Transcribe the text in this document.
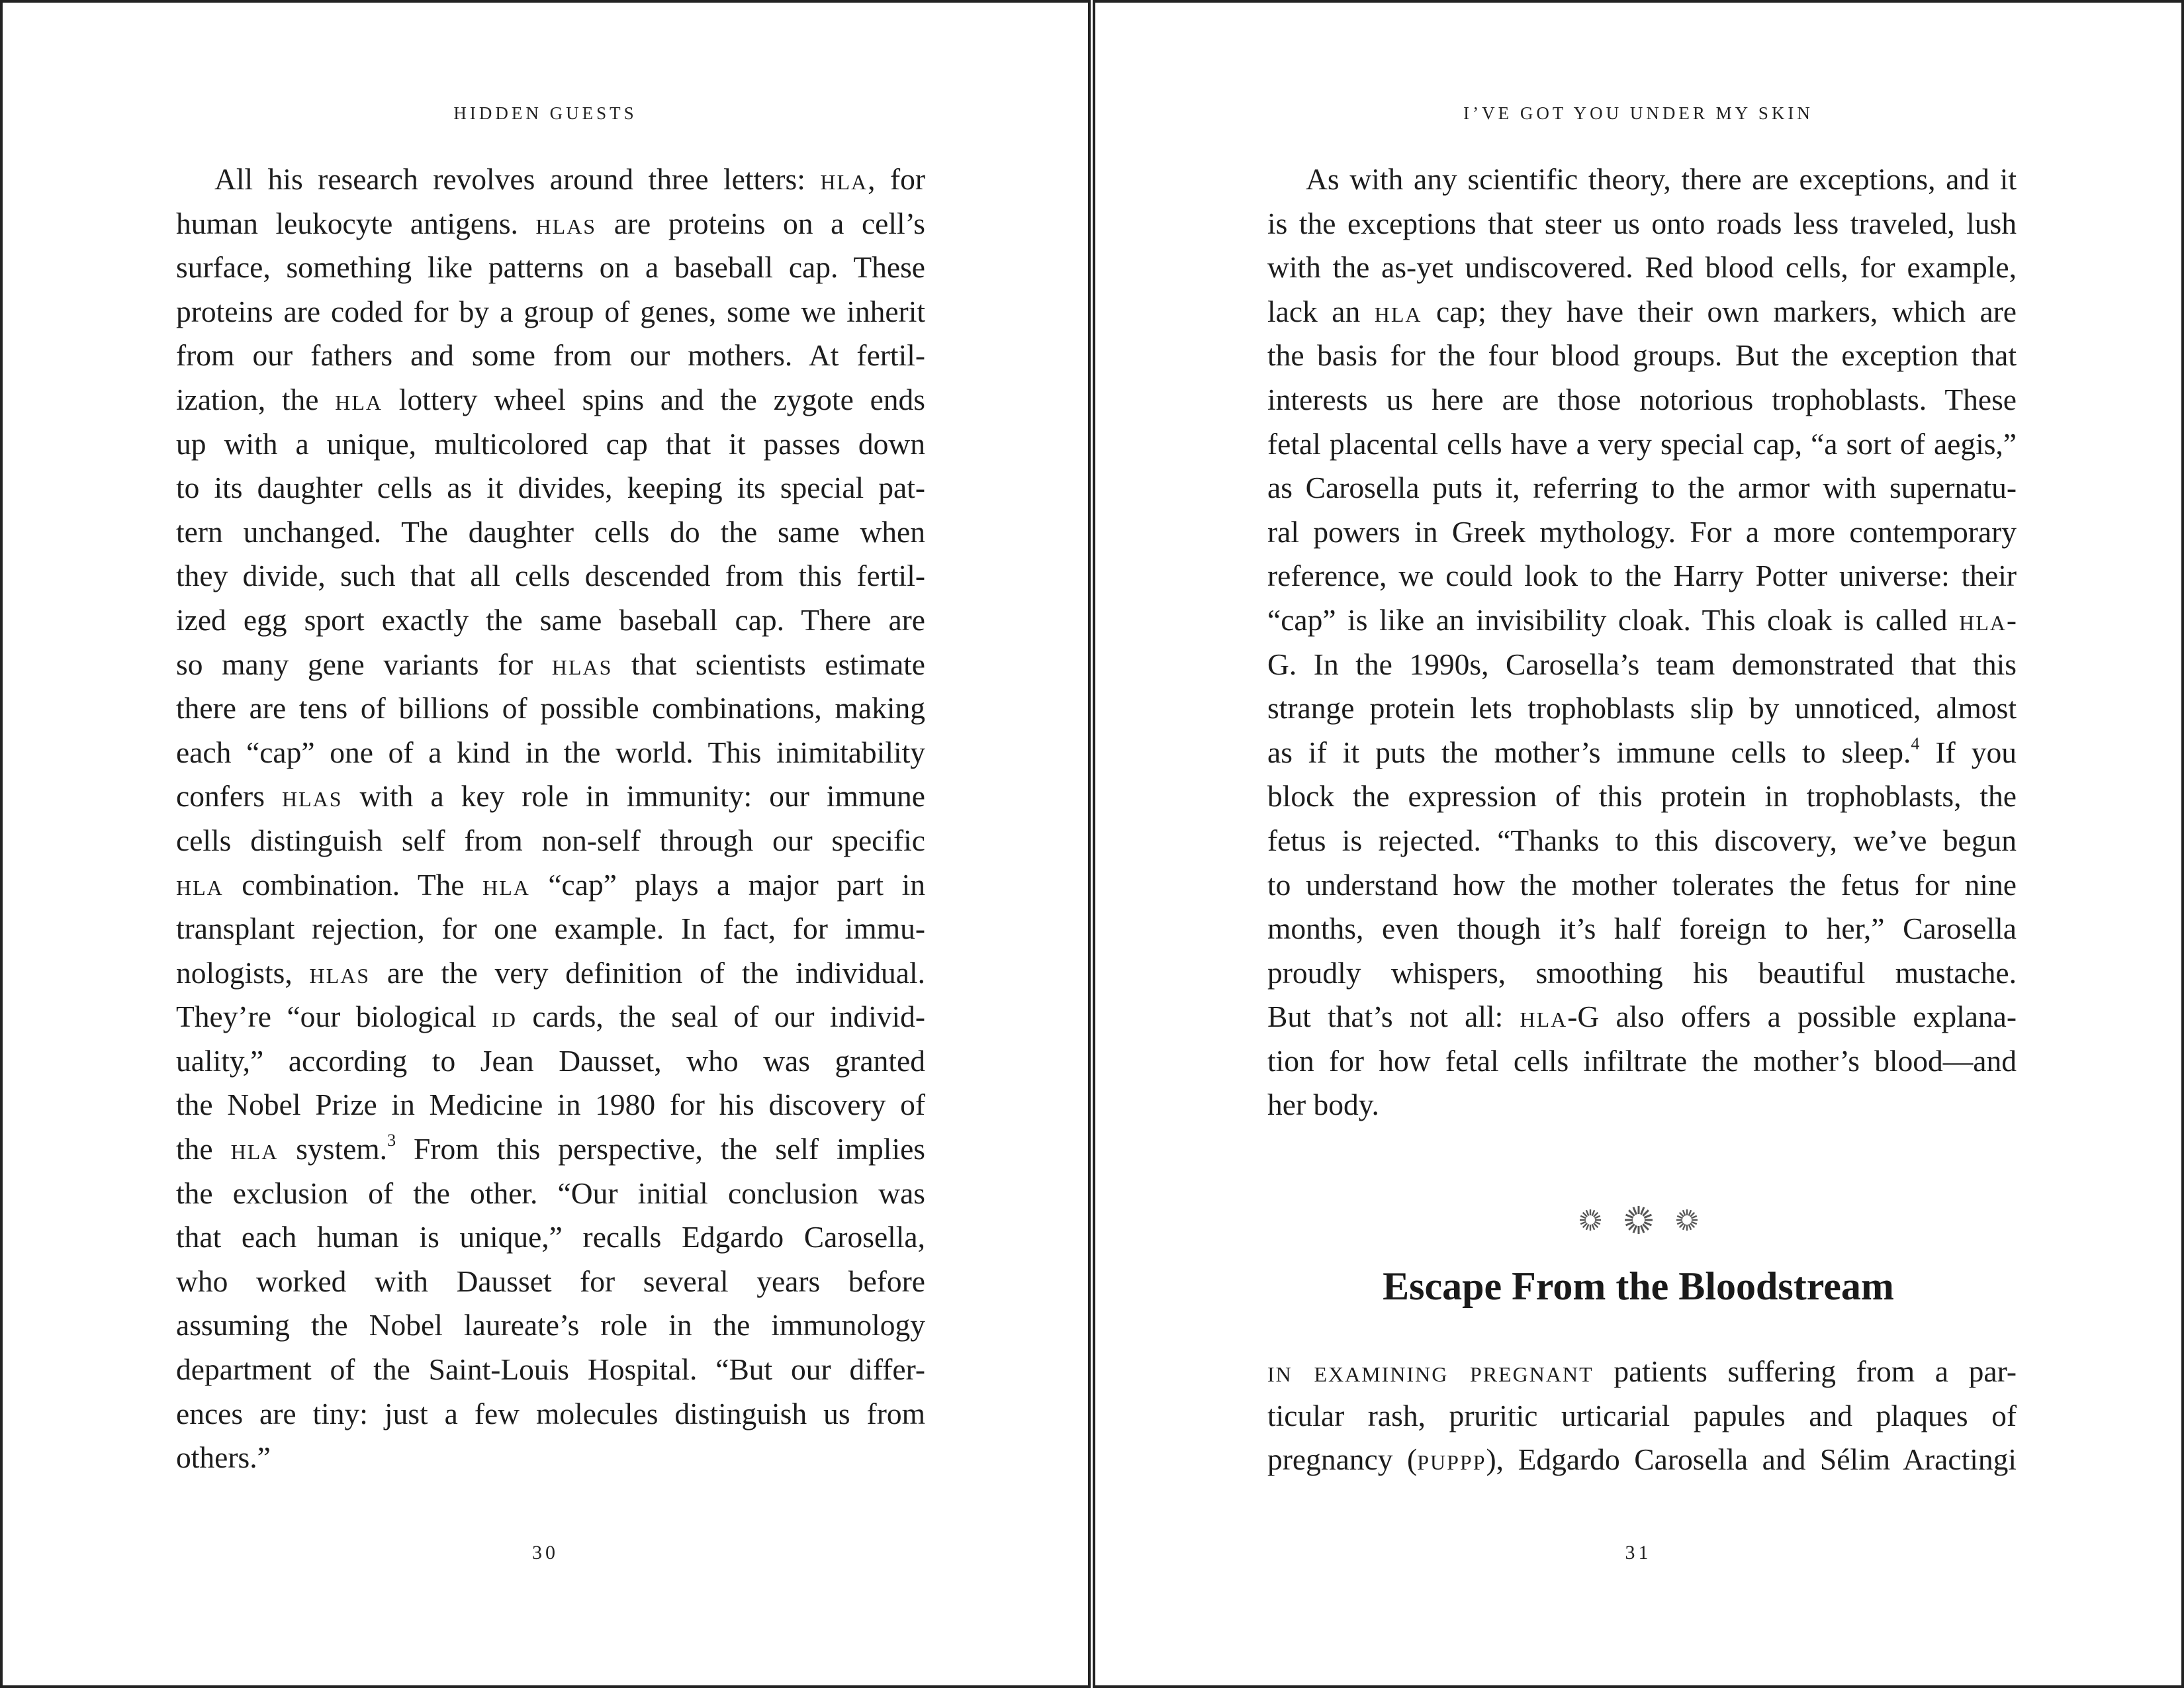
HIDDEN GUESTS
All his research revolves around three letters: hla, for
human leukocyte antigens. hlas are proteins on a cell’s
surface, something like patterns on a baseball cap. These
proteins are coded for by a group of genes, some we inherit
from our fathers and some from our mothers. At fertil-
ization, the hla lottery wheel spins and the zygote ends
up with a unique, multicolored cap that it passes down
to its daughter cells as it divides, keeping its special pat-
tern unchanged. The daughter cells do the same when
they divide, such that all cells descended from this fertil-
ized egg sport exactly the same baseball cap. There are
so many gene variants for hlas that scientists estimate
there are tens of billions of possible combinations, making
each “cap” one of a kind in the world. This inimitability
confers hlas with a key role in immunity: our immune
cells distinguish self from non-self through our specific
hla combination. The hla “cap” plays a major part in
transplant rejection, for one example. In fact, for immu-
nologists, hlas are the very definition of the individual.
They’re “our biological id cards, the seal of our individ-
uality,” according to Jean Dausset, who was granted
the Nobel Prize in Medicine in 1980 for his discovery of
the hla system.$^3$ From this perspective, the self implies
the exclusion of the other. “Our initial conclusion was
that each human is unique,” recalls Edgardo Carosella,
who worked with Dausset for several years before
assuming the Nobel laureate’s role in the immunology
department of the Saint-Louis Hospital. “But our differ-
ences are tiny: just a few molecules distinguish us from
others.”
30
I’VE GOT YOU UNDER MY SKIN
As with any scientific theory, there are exceptions, and it
is the exceptions that steer us onto roads less traveled, lush
with the as-yet undiscovered. Red blood cells, for example,
lack an hla cap; they have their own markers, which are
the basis for the four blood groups. But the exception that
interests us here are those notorious trophoblasts. These
fetal placental cells have a very special cap, “a sort of aegis,”
as Carosella puts it, referring to the armor with supernatu-
ral powers in Greek mythology. For a more contemporary
reference, we could look to the Harry Potter universe: their
“cap” is like an invisibility cloak. This cloak is called hla-
G. In the 1990s, Carosella’s team demonstrated that this
strange protein lets trophoblasts slip by unnoticed, almost
as if it puts the mother’s immune cells to sleep.$^4$ If you
block the expression of this protein in trophoblasts, the
fetus is rejected. “Thanks to this discovery, we’ve begun
to understand how the mother tolerates the fetus for nine
months, even though it’s half foreign to her,” Carosella
proudly whispers, smoothing his beautiful mustache.
But that’s not all: hla-G also offers a possible explana-
tion for how fetal cells infiltrate the mother’s blood—and
her body.

Escape From the Bloodstream
in examining pregnant patients suffering from a par-
ticular rash, pruritic urticarial papules and plaques of
pregnancy (puppp), Edgardo Carosella and Sélim Aractingi
31
